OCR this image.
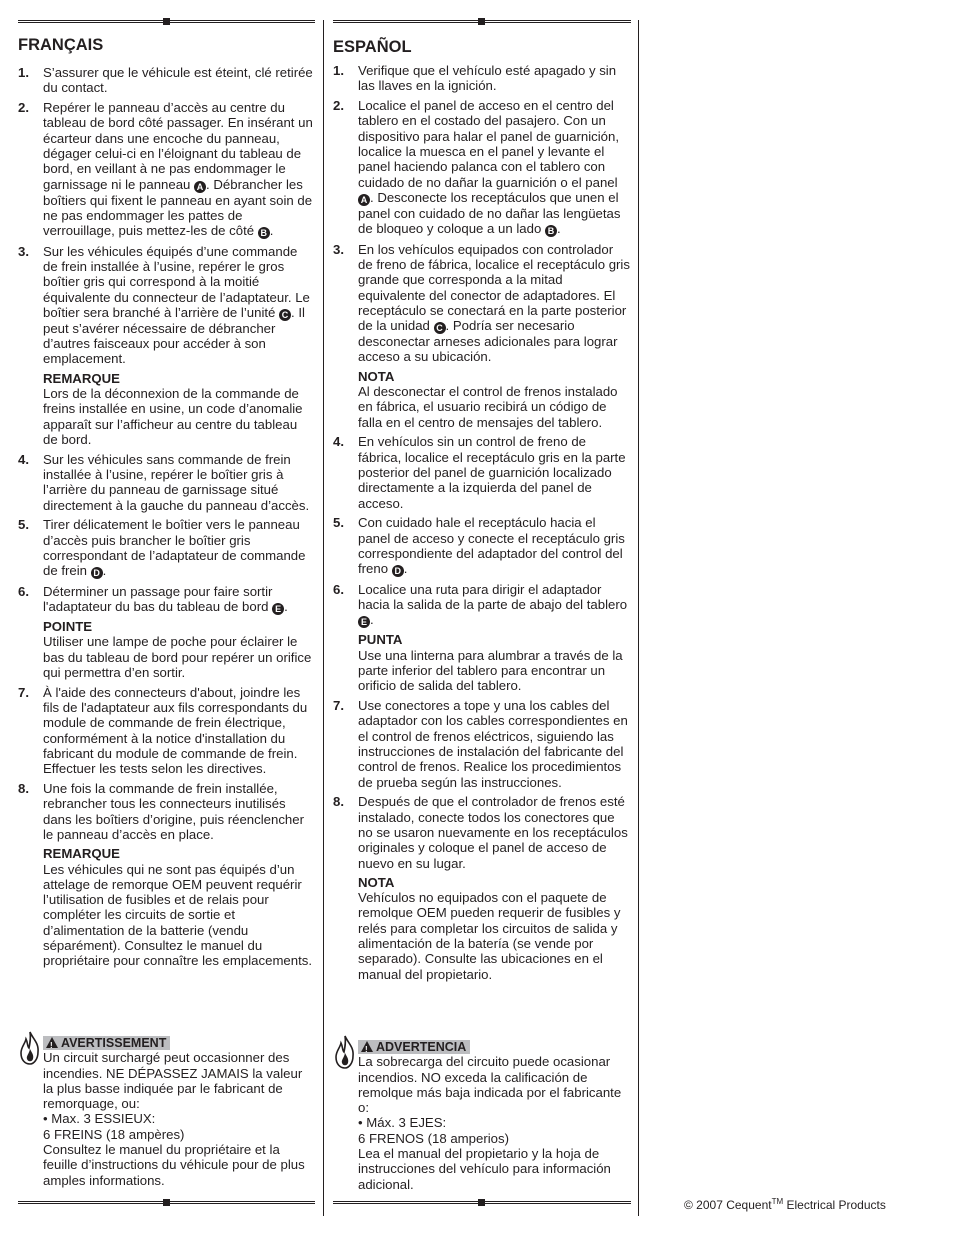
FRANÇAIS
1. S’assurer que le véhicule est éteint, clé retirée du contact.
2. Repérer le panneau d’accès au centre du tableau de bord côté passager. En insérant un écarteur dans une encoche du panneau, dégager celui-ci en l’éloignant du tableau de bord, en veillant à ne pas endommager le garnissage ni le panneau A . Débrancher les boîtiers qui fixent le panneau en ayant soin de ne pas endommager les pattes de verrouillage, puis mettez-les de côté B .
3. Sur les véhicules équipés d’une commande de frein installée à l’usine, repérer le gros boîtier gris qui correspond à la moitié équivalente du connecteur de l’adaptateur. Le boîtier sera branché à l’arrière de l’unité C . Il peut s’avérer nécessaire de débrancher d’autres faisceaux pour accéder à son emplacement.
REMARQUE
Lors de la déconnexion de la commande de freins installée en usine, un code d’anomalie apparaît sur l’afficheur au centre du tableau de bord.
4. Sur les véhicules sans commande de frein installée à l’usine, repérer le boîtier gris à l’arrière du panneau de garnissage situé directement à la gauche du panneau d’accès.
5. Tirer délicatement le boîtier vers le panneau d’accès puis brancher le boîtier gris correspondant de l’adaptateur de commande de frein D .
6. Déterminer un passage pour faire sortir l'adaptateur du bas du tableau de bord E .
POINTE
Utiliser une lampe de poche pour éclairer le bas du tableau de bord pour repérer un orifice qui permettra d’en sortir.
7. À l'aide des connecteurs d'about, joindre les fils de l'adaptateur aux fils correspondants du module de commande de frein électrique, conformément à la notice d'installation du fabricant du module de commande de frein. Effectuer les tests selon les directives.
8. Une fois la commande de frein installée, rebrancher tous les connecteurs inutilisés dans les boîtiers d’origine, puis réenclencher le panneau d’accès en place.
REMARQUE
Les véhicules qui ne sont pas équipés d’un attelage de remorque OEM peuvent requérir l’utilisation de fusibles et de relais pour compléter les circuits de sortie et d’alimentation de la batterie (vendu séparément). Consultez le manuel du propriétaire pour connaître les emplacements.
! AVERTISSEMENT
Un circuit surchargé peut occasionner des incendies. NE DÉPASSEZ JAMAIS la valeur la plus basse indiquée par le fabricant de remorquage, ou:
• Max. 3 ESSIEUX:
6 FREINS (18 ampères)
Consultez le manuel du propriétaire et la feuille d’instructions du véhicule pour de plus amples informations.
ESPAÑOL
1. Verifique que el vehículo esté apagado y sin las llaves en la ignición.
2. Localice el panel de acceso en el centro del tablero en el costado del pasajero. Con un dispositivo para halar el panel de guarnición, localice la muesca en el panel y levante el panel haciendo palanca con el tablero con cuidado de no dañar la guarnición o el panel A . Desconecte los receptáculos que unen el panel con cuidado de no dañar las lengüetas de bloqueo y coloque a un lado B .
3. En los vehículos equipados con controlador de freno de fábrica, localice el receptáculo gris grande que corresponda a la mitad equivalente del conector de adaptadores. El receptáculo se conectará en la parte posterior de la unidad C . Podría ser necesario desconectar arneses adicionales para lograr acceso a su ubicación.
NOTA
Al desconectar el control de frenos instalado en fábrica, el usuario recibirá un código de falla en el centro de mensajes del tablero.
4. En vehículos sin un control de freno de fábrica, localice el receptáculo gris en la parte posterior del panel de guarnición localizado directamente a la izquierda del panel de acceso.
5. Con cuidado hale el receptáculo hacia el panel de acceso y conecte el receptáculo gris correspondiente del adaptador del control del freno D .
6. Localice una ruta para dirigir el adaptador hacia la salida de la parte de abajo del tablero E .
PUNTA
Use una linterna para alumbrar a través de la parte inferior del tablero para encontrar un orificio de salida del tablero.
7. Use conectores a tope y una los cables del adaptador con los cables correspondientes en el control de frenos eléctricos, siguiendo las instrucciones de instalación del fabricante del control de frenos. Realice los procedimientos de prueba según las instrucciones.
8. Después de que el controlador de frenos esté instalado, conecte todos los conectores que no se usaron nuevamente en los receptáculos originales y coloque el panel de acceso de nuevo en su lugar.
NOTA
Vehículos no equipados con el paquete de remolque OEM pueden requerir de fusibles y relés para completar los circuitos de salida y alimentación de la batería (se vende por separado). Consulte las ubicaciones en el manual del propietario.
! ADVERTENCIA
La sobrecarga del circuito puede ocasionar incendios. NO exceda la calificación de remolque más baja indicada por el fabricante o:
• Máx. 3 EJES:
6 FRENOS (18 amperios)
Lea el manual del propietario y la hoja de instrucciones del vehículo para información adicional.
© 2007 Cequent™ Electrical Products
